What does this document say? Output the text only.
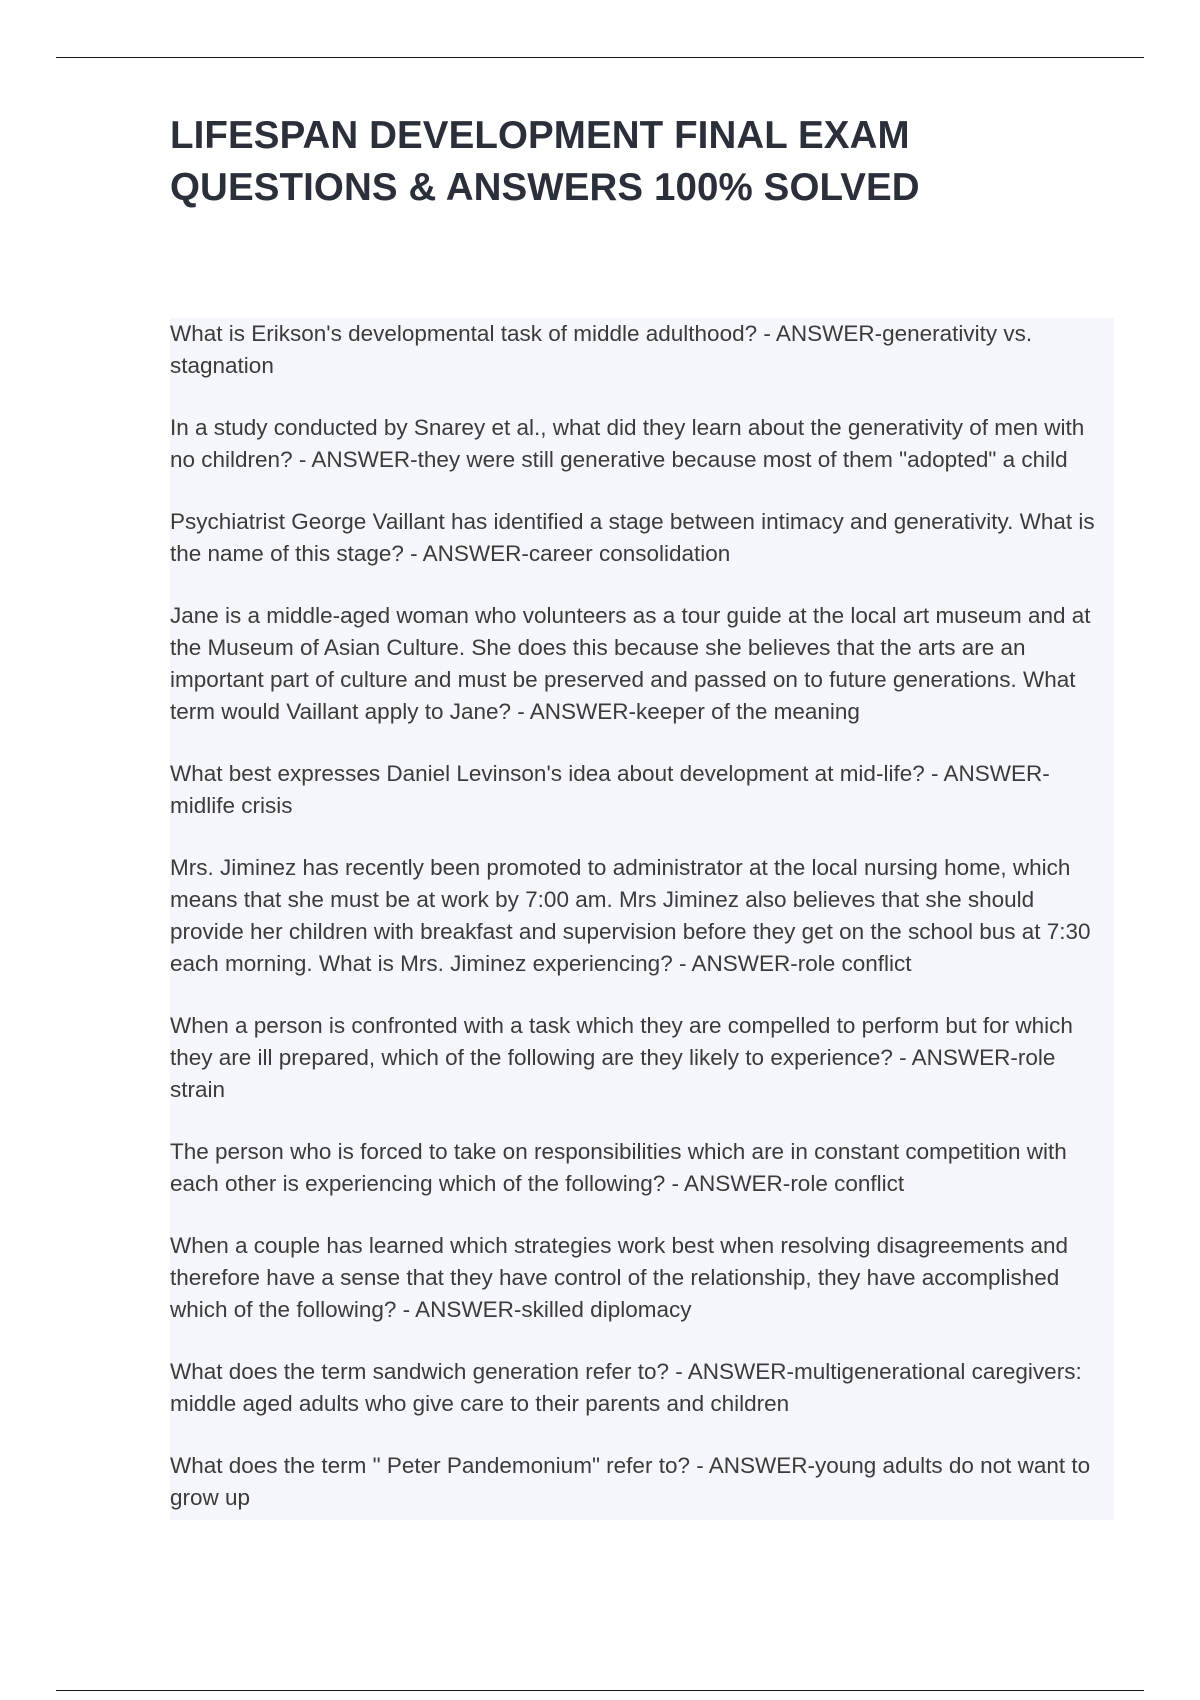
LIFESPAN DEVELOPMENT FINAL EXAM
QUESTIONS & ANSWERS 100% SOLVED

What is Erikson's developmental task of middle adulthood? - ANSWER-generativity vs. stagnation

In a study conducted by Snarey et al., what did they learn about the generativity of men with no children? - ANSWER-they were still generative because most of them "adopted" a child

Psychiatrist George Vaillant has identified a stage between intimacy and generativity. What is the name of this stage? - ANSWER-career consolidation

Jane is a middle-aged woman who volunteers as a tour guide at the local art museum and at the Museum of Asian Culture. She does this because she believes that the arts are an important part of culture and must be preserved and passed on to future generations. What term would Vaillant apply to Jane? - ANSWER-keeper of the meaning

What best expresses Daniel Levinson's idea about development at mid-life? - ANSWER-midlife crisis

Mrs. Jiminez has recently been promoted to administrator at the local nursing home, which means that she must be at work by 7:00 am. Mrs Jiminez also believes that she should provide her children with breakfast and supervision before they get on the school bus at 7:30 each morning. What is Mrs. Jiminez experiencing? - ANSWER-role conflict

When a person is confronted with a task which they are compelled to perform but for which they are ill prepared, which of the following are they likely to experience? - ANSWER-role strain

The person who is forced to take on responsibilities which are in constant competition with each other is experiencing which of the following? - ANSWER-role conflict

When a couple has learned which strategies work best when resolving disagreements and therefore have a sense that they have control of the relationship, they have accomplished which of the following? - ANSWER-skilled diplomacy

What does the term sandwich generation refer to? - ANSWER-multigenerational caregivers: middle aged adults who give care to their parents and children

What does the term " Peter Pandemonium" refer to? - ANSWER-young adults do not want to grow up
